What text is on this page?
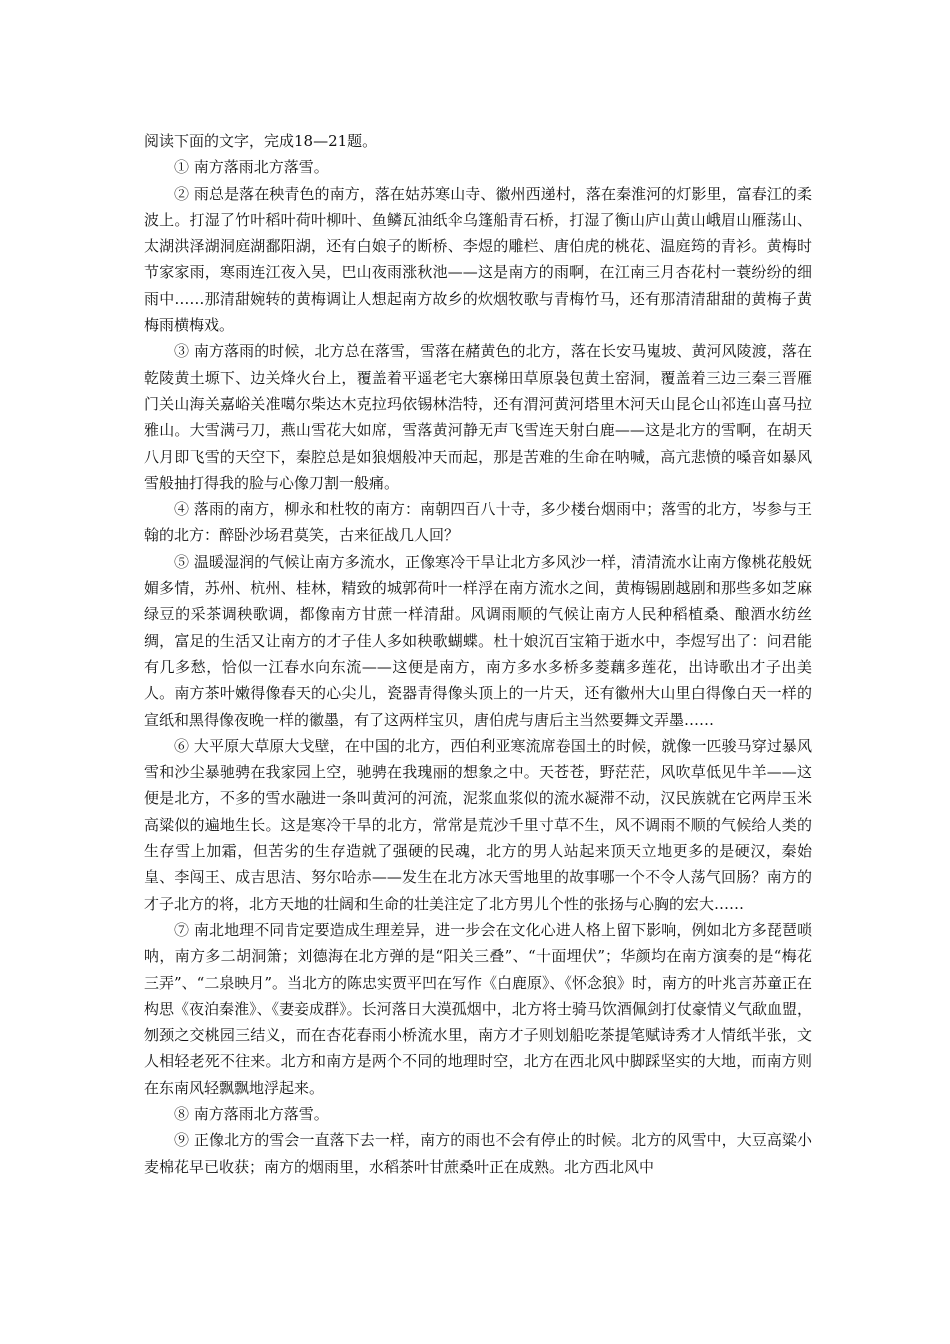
阅读下面的文字，完成18—21题。

① 南方落雨北方落雪。

② 雨总是落在秧青色的南方，落在姑苏寒山寺、徽州西递村，落在秦淮河的灯影里，富春江的柔波上。打湿了竹叶稻叶荷叶柳叶、鱼鳞瓦油纸伞乌篷船青石桥，打湿了衡山庐山黄山峨眉山雁荡山、太湖洪泽湖洞庭湖鄱阳湖，还有白娘子的断桥、李煜的雕栏、唐伯虎的桃花、温庭筠的青衫。黄梅时节家家雨，寒雨连江夜入吴，巴山夜雨涨秋池——这是南方的雨啊，在江南三月杏花村一蓑纷纷的细雨中……那清甜婉转的黄梅调让人想起南方故乡的炊烟牧歌与青梅竹马，还有那清清甜甜的黄梅子黄梅雨横梅戏。

③ 南方落雨的时候，北方总在落雪，雪落在赭黄色的北方，落在长安马嵬坡、黄河风陵渡，落在乾陵黄土塬下、边关烽火台上，覆盖着平遥老宅大寨梯田草原袅包黄土窑洞，覆盖着三边三秦三晋雁门关山海关嘉峪关准噶尔柴达木克拉玛依锡林浩特，还有渭河黄河塔里木河天山昆仑山祁连山喜马拉雅山。大雪满弓刀，燕山雪花大如席，雪落黄河静无声飞雪连天射白鹿——这是北方的雪啊，在胡天八月即飞雪的天空下，秦腔总是如狼烟般冲天而起，那是苦难的生命在呐喊，高亢悲愤的嗓音如暴风雪般抽打得我的脸与心像刀割一般痛。

④ 落雨的南方，柳永和杜牧的南方：南朝四百八十寺，多少楼台烟雨中；落雪的北方，岑参与王翰的北方：醉卧沙场君莫笑，古来征战几人回？

⑤ 温暖湿润的气候让南方多流水，正像寒冷干旱让北方多风沙一样，清清流水让南方像桃花般妩媚多情，苏州、杭州、桂林，精致的城郭荷叶一样浮在南方流水之间，黄梅锡剧越剧和那些多如芝麻绿豆的采茶调秧歌调，都像南方甘蔗一样清甜。风调雨顺的气候让南方人民种稻植桑、酿酒水纺丝绸，富足的生活又让南方的才子佳人多如秧歌蝴蝶。杜十娘沉百宝箱于逝水中，李煜写出了：问君能有几多愁，恰似一江春水向东流——这便是南方，南方多水多桥多菱藕多莲花，出诗歌出才子出美人。南方茶叶嫩得像春天的心尖儿，瓷器青得像头顶上的一片天，还有徽州大山里白得像白天一样的宣纸和黑得像夜晚一样的徽墨，有了这两样宝贝，唐伯虎与唐后主当然要舞文弄墨……

⑥ 大平原大草原大戈壁，在中国的北方，西伯利亚寒流席卷国土的时候，就像一匹骏马穿过暴风雪和沙尘暴驰骋在我家园上空，驰骋在我瑰丽的想象之中。天苍苍，野茫茫，风吹草低见牛羊——这便是北方，不多的雪水融进一条叫黄河的河流，泥浆血浆似的流水凝滞不动，汉民族就在它两岸玉米高粱似的遍地生长。这是寒冷干旱的北方，常常是荒沙千里寸草不生，风不调雨不顺的气候给人类的生存雪上加霜，但苦劣的生存造就了强硬的民魂，北方的男人站起来顶天立地更多的是硬汉，秦始皇、李闯王、成吉思洁、努尔哈赤——发生在北方冰天雪地里的故事哪一个不令人荡气回肠？南方的才子北方的将，北方天地的壮阔和生命的壮美注定了北方男儿个性的张扬与心胸的宏大……

⑦ 南北地理不同肯定要造成生理差异，进一步会在文化心进人格上留下影响，例如北方多琵琶唢呐，南方多二胡洞箫；刘德海在北方弹的是“阳关三叠”、“十面埋伏”；华颜均在南方演奏的是“梅花三弄”、“二泉映月”。当北方的陈忠实贾平凹在写作《白鹿原》、《怀念狼》时，南方的叶兆言苏童正在构思《夜泊秦淮》、《妻妾成群》。长河落日大漠孤烟中，北方将士骑马饮酒佩剑打仗豪情义气歃血盟，刎颈之交桃园三结义，而在杏花春雨小桥流水里，南方才子则划船吃茶提笔赋诗秀才人情纸半张，文人相轻老死不往来。北方和南方是两个不同的地理时空，北方在西北风中脚踩坚实的大地，而南方则在东南风轻飘飘地浮起来。

⑧ 南方落雨北方落雪。

⑨ 正像北方的雪会一直落下去一样，南方的雨也不会有停止的时候。北方的风雪中，大豆高粱小麦棉花早已收获；南方的烟雨里，水稻茶叶甘蔗桑叶正在成熟。北方西北风中
